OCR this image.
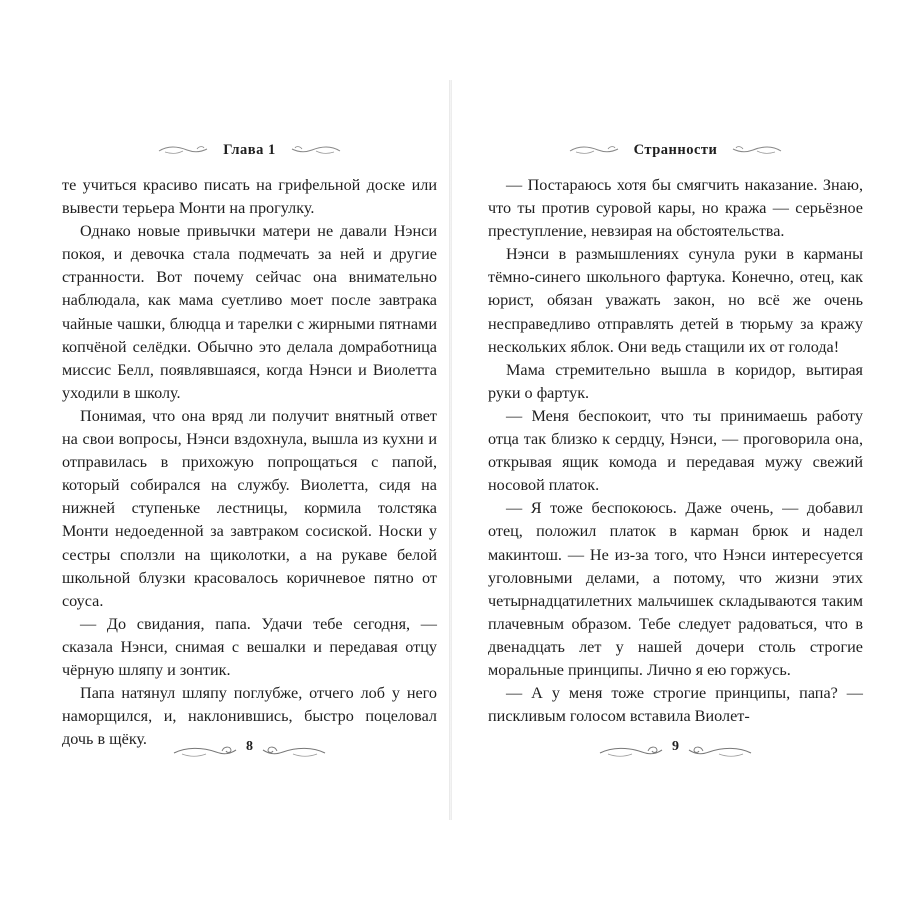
Глава 1

те учиться красиво писать на грифельной доске или вывести терьера Монти на прогулку.

Однако новые привычки матери не давали Нэнси покоя, и девочка стала подмечать за ней и другие странности. Вот почему сейчас она внимательно наблюдала, как мама суетливо моет после завтрака чайные чашки, блюдца и тарелки с жирными пятнами копчёной селёдки. Обычно это делала домработница миссис Белл, появлявшаяся, когда Нэнси и Виолетта уходили в школу.

Понимая, что она вряд ли получит внятный ответ на свои вопросы, Нэнси вздохнула, вышла из кухни и отправилась в прихожую попрощаться с папой, который собирался на службу. Виолетта, сидя на нижней ступеньке лестницы, кормила толстяка Монти недоеденной за завтраком сосиской. Носки у сестры сползли на щиколотки, а на рукаве белой школьной блузки красовалось коричневое пятно от соуса.

— До свидания, папа. Удачи тебе сегодня, — сказала Нэнси, снимая с вешалки и передавая отцу чёрную шляпу и зонтик.

Папа натянул шляпу поглубже, отчего лоб у него наморщился, и, наклонившись, быстро поцеловал дочь в щёку.	8
Странности

— Постараюсь хотя бы смягчить наказание. Знаю, что ты против суровой кары, но кража — серьёзное преступление, невзирая на обстоятельства.

Нэнси в размышлениях сунула руки в карманы тёмно-синего школьного фартука. Конечно, отец, как юрист, обязан уважать закон, но всё же очень несправедливо отправлять детей в тюрьму за кражу нескольких яблок. Они ведь стащили их от голода!

Мама стремительно вышла в коридор, вытирая руки о фартук.

— Меня беспокоит, что ты принимаешь работу отца так близко к сердцу, Нэнси, — проговорила она, открывая ящик комода и передавая мужу свежий носовой платок.

— Я тоже беспокоюсь. Даже очень, — добавил отец, положил платок в карман брюк и надел макинтош. — Не из-за того, что Нэнси интересуется уголовными делами, а потому, что жизни этих четырнадцатилетних мальчишек складываются таким плачевным образом. Тебе следует радоваться, что в двенадцать лет у нашей дочери столь строгие моральные принципы. Лично я ею горжусь.

— А у меня тоже строгие принципы, папа? — пискливым голосом вставила Виолет-

9
